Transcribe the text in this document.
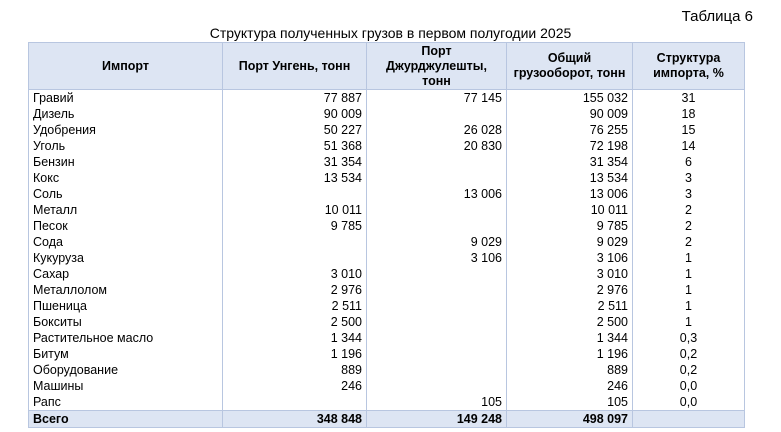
Таблица 6
Структура полученных грузов в первом полугодии 2025
Импорт	Порт Унгень, тонн	Порт Джурджулешты, тонн	Общий грузооборот, тонн	Структура импорта, %
Гравий	77 887	77 145	155 032	31
Дизель	90 009		90 009	18
Удобрения	50 227	26 028	76 255	15
Уголь	51 368	20 830	72 198	14
Бензин	31 354		31 354	6
Кокс	13 534		13 534	3
Соль		13 006	13 006	3
Металл	10 011		10 011	2
Песок	9 785		9 785	2
Сода		9 029	9 029	2
Кукуруза		3 106	3 106	1
Сахар	3 010		3 010	1
Металлолом	2 976		2 976	1
Пшеница	2 511		2 511	1
Бокситы	2 500		2 500	1
Растительное масло	1 344		1 344	0,3
Битум	1 196		1 196	0,2
Оборудование	889		889	0,2
Машины	246		246	0,0
Рапс		105	105	0,0
Всего	348 848	149 248	498 097	
